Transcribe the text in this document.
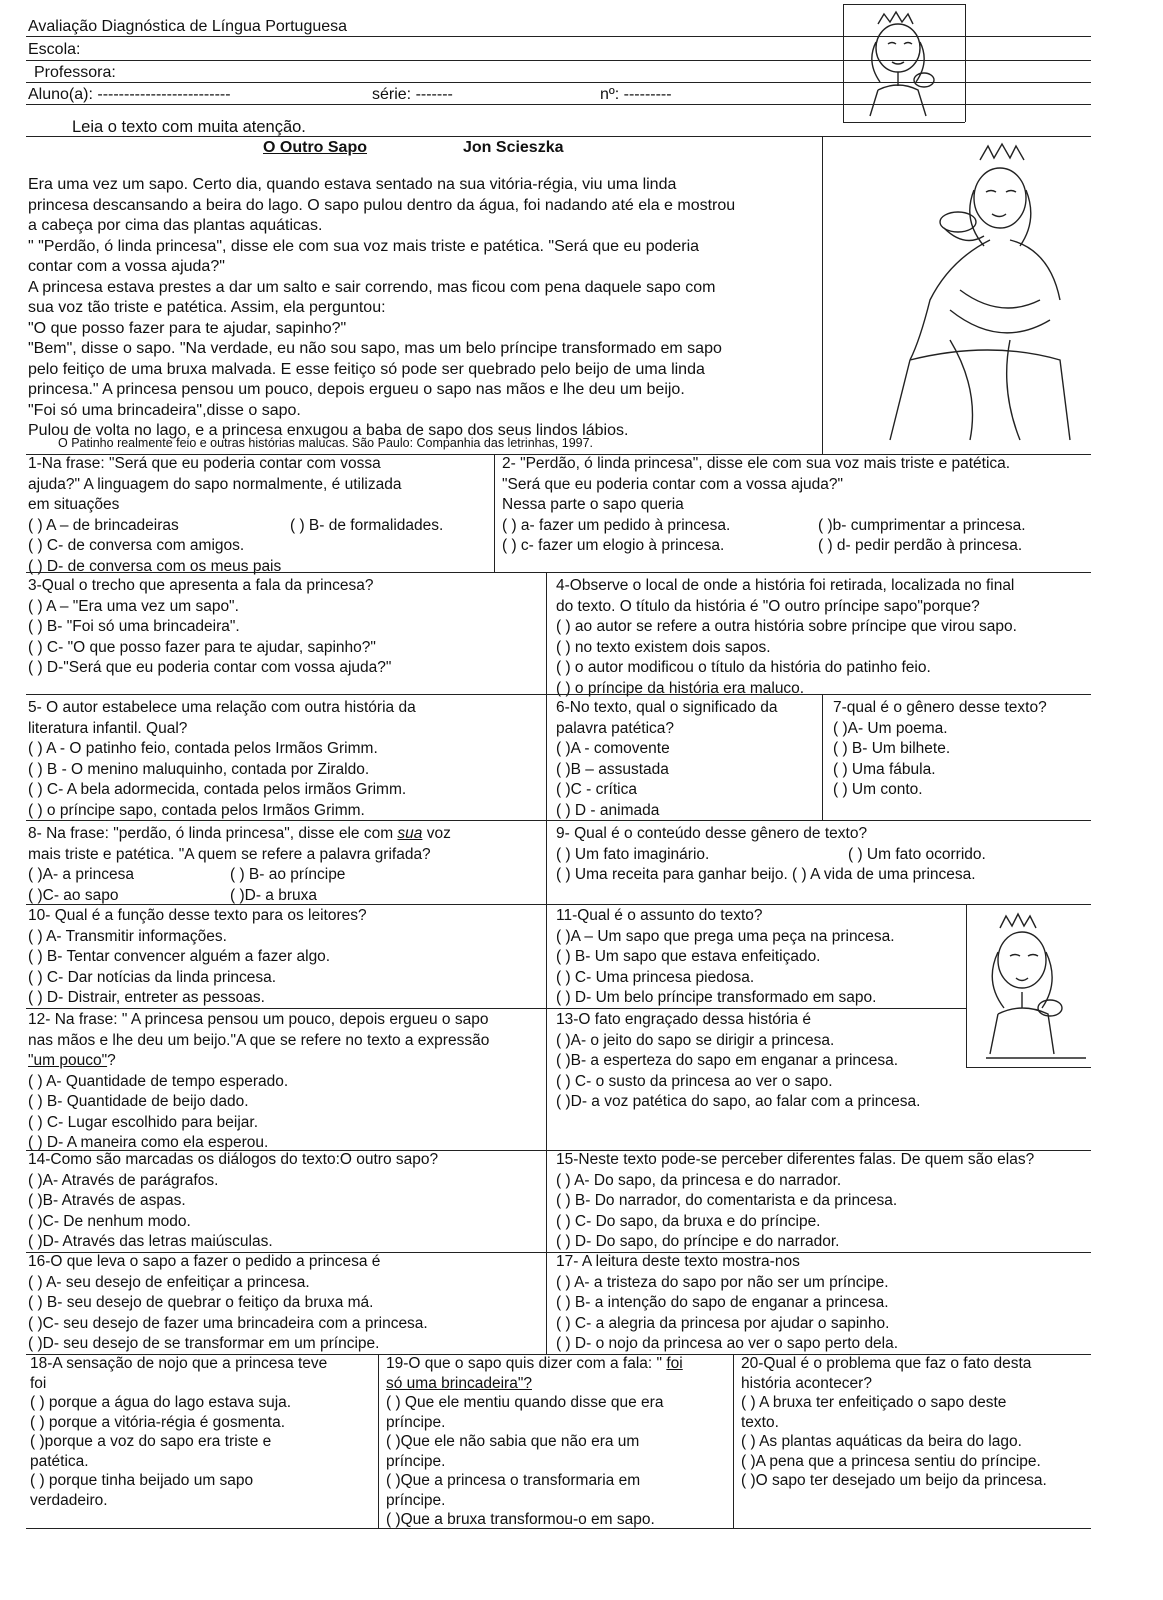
Avaliação Diagnóstica de Língua Portuguesa
Escola:
Professora:
Aluno(a): -------------------------	série: -------	nº: ---------
Leia o texto com muita atenção.
O Outro Sapo	Jon Scieszka
Era uma vez um sapo. Certo dia, quando estava sentado na sua vitória-régia, viu uma linda
princesa descansando a beira do lago. O sapo pulou dentro da água, foi nadando até ela e mostrou
a cabeça por cima das plantas aquáticas.
" "Perdão, ó linda princesa", disse ele com sua voz mais triste e patética. "Será que eu poderia
contar com a vossa ajuda?"
A princesa estava prestes a dar um salto e sair correndo, mas ficou com pena daquele sapo com
sua voz tão triste e patética. Assim, ela perguntou:
"O que posso fazer para te ajudar, sapinho?"
"Bem", disse o sapo. "Na verdade, eu não sou sapo, mas um belo príncipe transformado em sapo
pelo feitiço de uma bruxa malvada. E esse feitiço só pode ser quebrado pelo beijo de uma linda
princesa." A princesa pensou um pouco, depois ergueu o sapo nas mãos e lhe deu um beijo.
"Foi só uma brincadeira",disse o sapo.
Pulou de volta no lago, e a princesa enxugou a baba de sapo dos seus lindos lábios.
O Patinho realmente feio e outras histórias malucas. São Paulo: Companhia das letrinhas, 1997.
1-Na frase: "Será que eu poderia contar com vossa
ajuda?" A linguagem do sapo normalmente, é utilizada
em situações
( ) A – de brincadeiras	( ) B- de formalidades.
( ) C- de conversa com amigos.
( ) D- de conversa com os meus pais
2- "Perdão, ó linda princesa", disse ele com sua voz mais triste e patética.
"Será que eu poderia contar com a vossa ajuda?"
Nessa parte o sapo queria
( ) a- fazer um pedido à princesa.	( )b- cumprimentar a princesa.
( ) c- fazer um elogio à princesa.	( ) d- pedir perdão à princesa.
3-Qual o trecho que apresenta a fala da princesa?
( ) A – "Era uma vez um sapo".
( ) B- "Foi só uma brincadeira".
( ) C- "O que posso fazer para te ajudar, sapinho?"
( ) D-"Será que eu poderia contar com vossa ajuda?"
4-Observe o local de onde a história foi retirada, localizada no final
do texto. O título da história é "O outro príncipe sapo"porque?
( ) ao autor se refere a outra história sobre príncipe que virou sapo.
( ) no texto existem dois sapos.
( ) o autor modificou o título da história do patinho feio.
( ) o príncipe da história era maluco.
5- O autor estabelece uma relação com outra história da
literatura infantil. Qual?
( ) A - O patinho feio, contada pelos Irmãos Grimm.
( ) B - O menino maluquinho, contada por Ziraldo.
( ) C- A bela adormecida, contada pelos irmãos Grimm.
( ) o príncipe sapo, contada pelos Irmãos Grimm.
6-No texto, qual o significado da
palavra patética?
( )A - comovente
( )B – assustada
( )C - crítica
( ) D - animada
7-qual é o gênero desse texto?
( )A- Um poema.
( ) B- Um bilhete.
( ) Uma fábula.
( ) Um conto.
8- Na frase: "perdão, ó linda princesa", disse ele com sua voz
mais triste e patética. "A quem se refere a palavra grifada?
( )A- a princesa	( ) B- ao príncipe
( )C- ao sapo	( )D- a bruxa
9- Qual é o conteúdo desse gênero de texto?
( ) Um fato imaginário.	( ) Um fato ocorrido.
( ) Uma receita para ganhar beijo. ( ) A vida de uma princesa.
10- Qual é a função desse texto para os leitores?
( ) A- Transmitir informações.
( ) B- Tentar convencer alguém a fazer algo.
( ) C- Dar notícias da linda princesa.
( ) D- Distrair, entreter as pessoas.
11-Qual é o assunto do texto?
( )A – Um sapo que prega uma peça na princesa.
( ) B- Um sapo que estava enfeitiçado.
( ) C- Uma princesa piedosa.
( ) D- Um belo príncipe transformado em sapo.
12- Na frase: " A princesa pensou um pouco, depois ergueu o sapo
nas mãos e lhe deu um beijo."A que se refere no texto a expressão
"um pouco"?
( ) A- Quantidade de tempo esperado.
( ) B- Quantidade de beijo dado.
( ) C- Lugar escolhido para beijar.
( ) D- A maneira como ela esperou.
13-O fato engraçado dessa história é
( )A- o jeito do sapo se dirigir a princesa.
( )B- a esperteza do sapo em enganar a princesa.
( ) C- o susto da princesa ao ver o sapo.
( )D- a voz patética do sapo, ao falar com a princesa.
14-Como são marcadas os diálogos do texto:O outro sapo?
( )A- Através de parágrafos.
( )B- Através de aspas.
( )C- De nenhum modo.
( )D- Através das letras maiúsculas.
15-Neste texto pode-se perceber diferentes falas. De quem são elas?
( ) A- Do sapo, da princesa e do narrador.
( ) B- Do narrador, do comentarista e da princesa.
( ) C- Do sapo, da bruxa e do príncipe.
( ) D- Do sapo, do príncipe e do narrador.
16-O que leva o sapo a fazer o pedido a princesa é
( ) A- seu desejo de enfeitiçar a princesa.
( ) B- seu desejo de quebrar o feitiço da bruxa má.
( )C- seu desejo de fazer uma brincadeira com a princesa.
( )D- seu desejo de se transformar em um príncipe.
17- A leitura deste texto mostra-nos
( ) A- a tristeza do sapo por não ser um príncipe.
( ) B- a intenção do sapo de enganar a princesa.
( ) C- a alegria da princesa por ajudar o sapinho.
( ) D- o nojo da princesa ao ver o sapo perto dela.
18-A sensação de nojo que a princesa teve
foi
( ) porque a água do lago estava suja.
( ) porque a vitória-régia é gosmenta.
( )porque a voz do sapo era triste e
patética.
( ) porque tinha beijado um sapo
verdadeiro.
19-O que o sapo quis dizer com a fala: " foi
só uma brincadeira"?
( ) Que ele mentiu quando disse que era
príncipe.
( )Que ele não sabia que não era um
príncipe.
( )Que a princesa o transformaria em
príncipe.
( )Que a bruxa transformou-o em sapo.
20-Qual é o problema que faz o fato desta
história acontecer?
( ) A bruxa ter enfeitiçado o sapo deste
texto.
( ) As plantas aquáticas da beira do lago.
( )A pena que a princesa sentiu do príncipe.
( )O sapo ter desejado um beijo da princesa.
